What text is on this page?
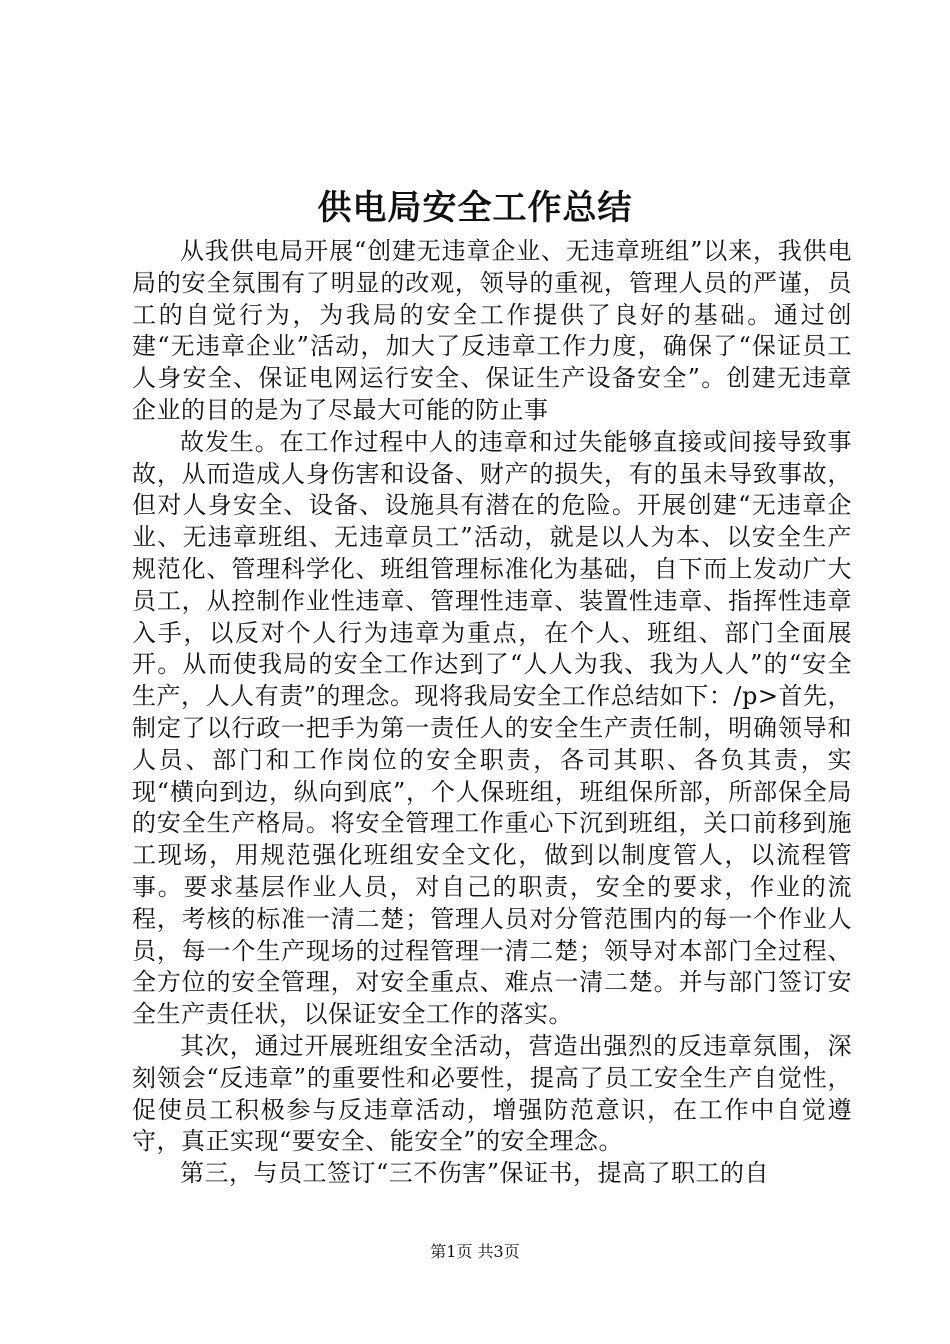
供电局安全工作总结

从我供电局开展“创建无违章企业、无违章班组”以来，我供电局的安全氛围有了明显的改观，领导的重视，管理人员的严谨，员工的自觉行为，为我局的安全工作提供了良好的基础。通过创建“无违章企业”活动，加大了反违章工作力度，确保了“保证员工人身安全、保证电网运行安全、保证生产设备安全”。创建无违章企业的目的是为了尽最大可能的防止事

故发生。在工作过程中人的违章和过失能够直接或间接导致事故，从而造成人身伤害和设备、财产的损失，有的虽未导致事故，但对人身安全、设备、设施具有潜在的危险。开展创建“无违章企业、无违章班组、无违章员工”活动，就是以人为本、以安全生产规范化、管理科学化、班组管理标准化为基础，自下而上发动广大员工，从控制作业性违章、管理性违章、装置性违章、指挥性违章入手，以反对个人行为违章为重点，在个人、班组、部门全面展开。从而使我局的安全工作达到了“人人为我、我为人人”的“安全生产，人人有责”的理念。现将我局安全工作总结如下：/p>首先，制定了以行政一把手为第一责任人的安全生产责任制，明确领导和人员、部门和工作岗位的安全职责，各司其职、各负其责，实现“横向到边，纵向到底”，个人保班组，班组保所部，所部保全局的安全生产格局。将安全管理工作重心下沉到班组，关口前移到施工现场，用规范强化班组安全文化，做到以制度管人，以流程管事。要求基层作业人员，对自己的职责，安全的要求，作业的流程，考核的标准一清二楚；管理人员对分管范围内的每一个作业人员，每一个生产现场的过程管理一清二楚；领导对本部门全过程、全方位的安全管理，对安全重点、难点一清二楚。并与部门签订安全生产责任状，以保证安全工作的落实。

其次，通过开展班组安全活动，营造出强烈的反违章氛围，深刻领会“反违章”的重要性和必要性，提高了员工安全生产自觉性，促使员工积极参与反违章活动，增强防范意识，在工作中自觉遵守，真正实现“要安全、能安全”的安全理念。

第三，与员工签订“三不伤害”保证书，提高了职工的自

第1页 共3页
